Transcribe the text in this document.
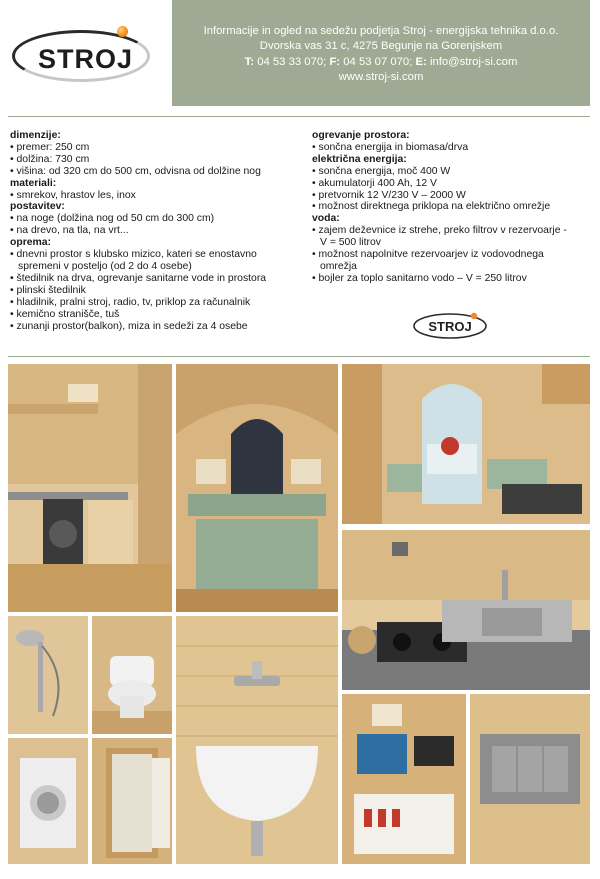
STROJ
Informacije in ogled na sedežu podjetja Stroj - energijska tehnika d.o.o.
Dvorska vas 31 c, 4275 Begunje na Gorenjskem
T: 04 53 33 070; F: 04 53 07 070; E: info@stroj-si.com
www.stroj-si.com
dimenzije:
• premer: 250 cm
• dolžina: 730 cm
• višina: od 320 cm do 500 cm, odvisna od dolžine nog
materiali:
• smrekov, hrastov les, inox
postavitev:
• na noge (dolžina nog od 50 cm do 300 cm)
• na drevo, na tla, na vrt...
oprema:
• dnevni prostor s klubsko mizico, kateri se enostavno
spremeni v posteljo (od 2 do 4 osebe)
• štedilnik na drva, ogrevanje sanitarne vode in prostora
• plinski štedilnik
• hladilnik, pralni stroj, radio, tv, priklop za računalnik
• kemično stranišče, tuš
• zunanji prostor(balkon), miza in sedeži za 4 osebe
ogrevanje prostora:
• sončna energija in biomasa/drva
električna energija:
• sončna energija, moč 400 W
• akumulatorji 400 Ah, 12 V
• pretvornik 12 V/230 V – 2000 W
• možnost direktnega priklopa na električno omrežje
voda:
• zajem deževnice iz strehe, preko filtrov v rezervoarje -
V = 500 litrov
• možnost napolnitve rezervoarjev iz vodovodnega
omrežja
• bojler za toplo sanitarno vodo – V = 250 litrov
STROJ
